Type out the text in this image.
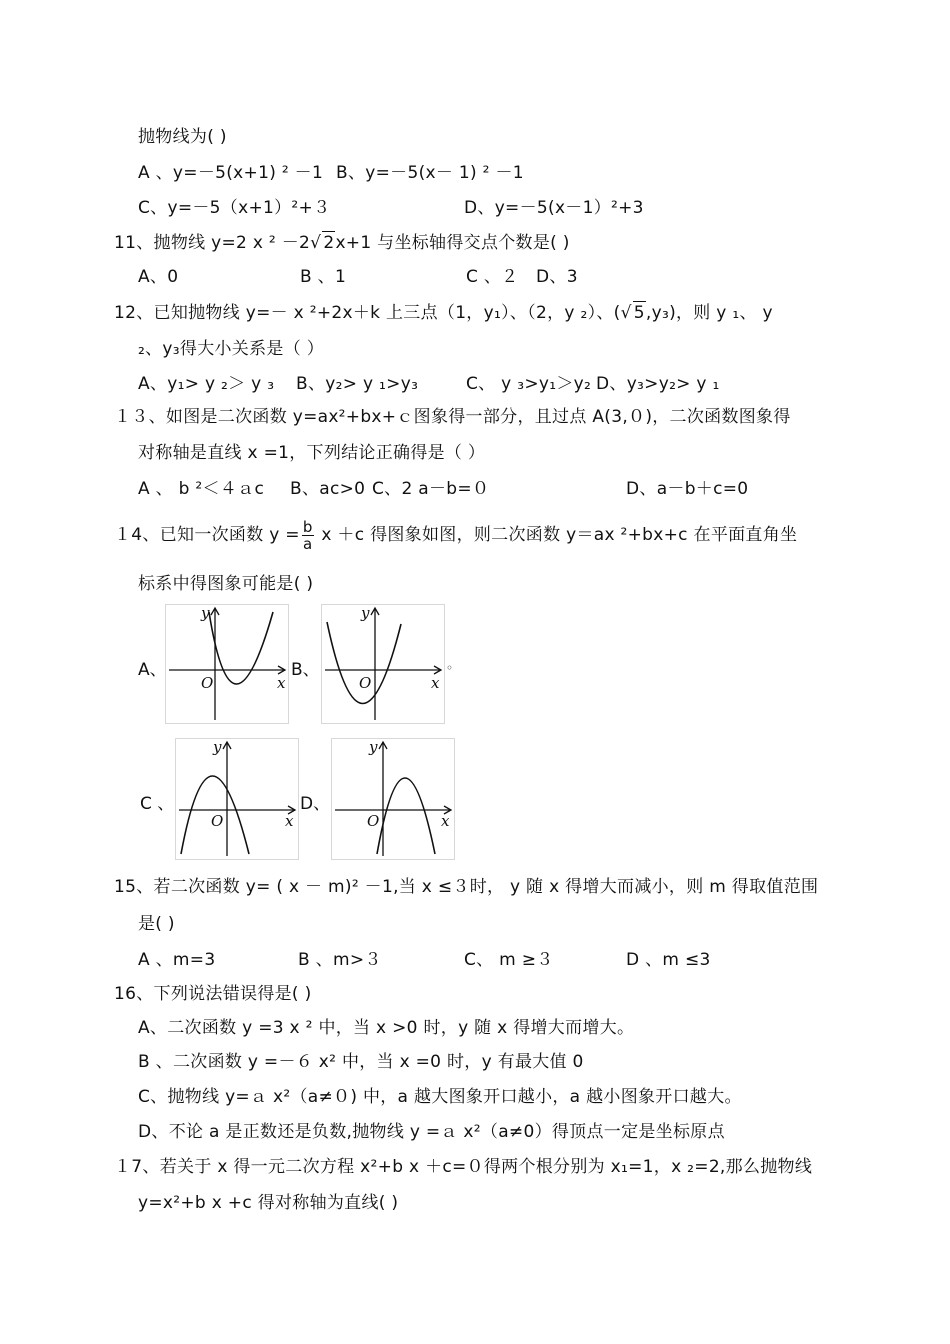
抛物线为( )
A 、y=－5(x+1) ² －1 B、y=－5(x－ 1) ² －1
C、y=－5（x+1）²+３	D、y=－5(x－1）²+3
11、抛物线 y=2 x ² －2√ 2x+1 与坐标轴得交点个数是( )
A、0	B 、1	C 、２ D、3
12、已知抛物线 y=－ x ²+2x＋k 上三点（1，y₁）、（2，y ₂）、(√ 5,y₃)，则 y ₁、 y
₂、y₃得大小关系是（ ）
A、y₁> y ₂＞ y ₃ B、y₂> y ₁>y₃	C、 y ₃>y₁＞y₂ D、y₃>y₂> y ₁
１３、如图是二次函数 y=ax²+bx+ｃ图象得一部分，且过点 A(3,０)，二次函数图象得
对称轴是直线 x =1，下列结论正确得是（ ）
A 、 b ²＜４ａc B、ac>0 C、2 a－b=０	D、a－b＋c=0
１4、已知一次函数 $y = \frac{b}{a}$ x ＋c 得图象如图，则二次函数 y＝ax ²+bx+c 在平面直角坐
标系中得图象可能是( )
A、
x
y
O
B、
x
y
O
◦
C 、
x
y
O
D、
x
y
O
15、若二次函数 y= ( x － m)² －1,当 x ≤３时， y 随 x 得增大而减小，则 m 得取值范围
是( )
A 、m=3	B 、m>３	C、 m ≥３	D 、m ≤3
16、下列说法错误得是( )
A、二次函数 y =3 x ² 中，当 x >0 时，y 随 x 得增大而增大。
B 、二次函数 y =－６ x² 中，当 x =0 时，y 有最大值 0
C、抛物线 y=ａ x²（a≠０) 中，a 越大图象开口越小，a 越小图象开口越大。
D、不论 a 是正数还是负数,抛物线 y =ａ x²（a≠0）得顶点一定是坐标原点
１7、若关于 x 得一元二次方程 x²+b x ＋c=０得两个根分别为 x₁=1，x ₂=2,那么抛物线
y=x²+b x +c 得对称轴为直线( )
